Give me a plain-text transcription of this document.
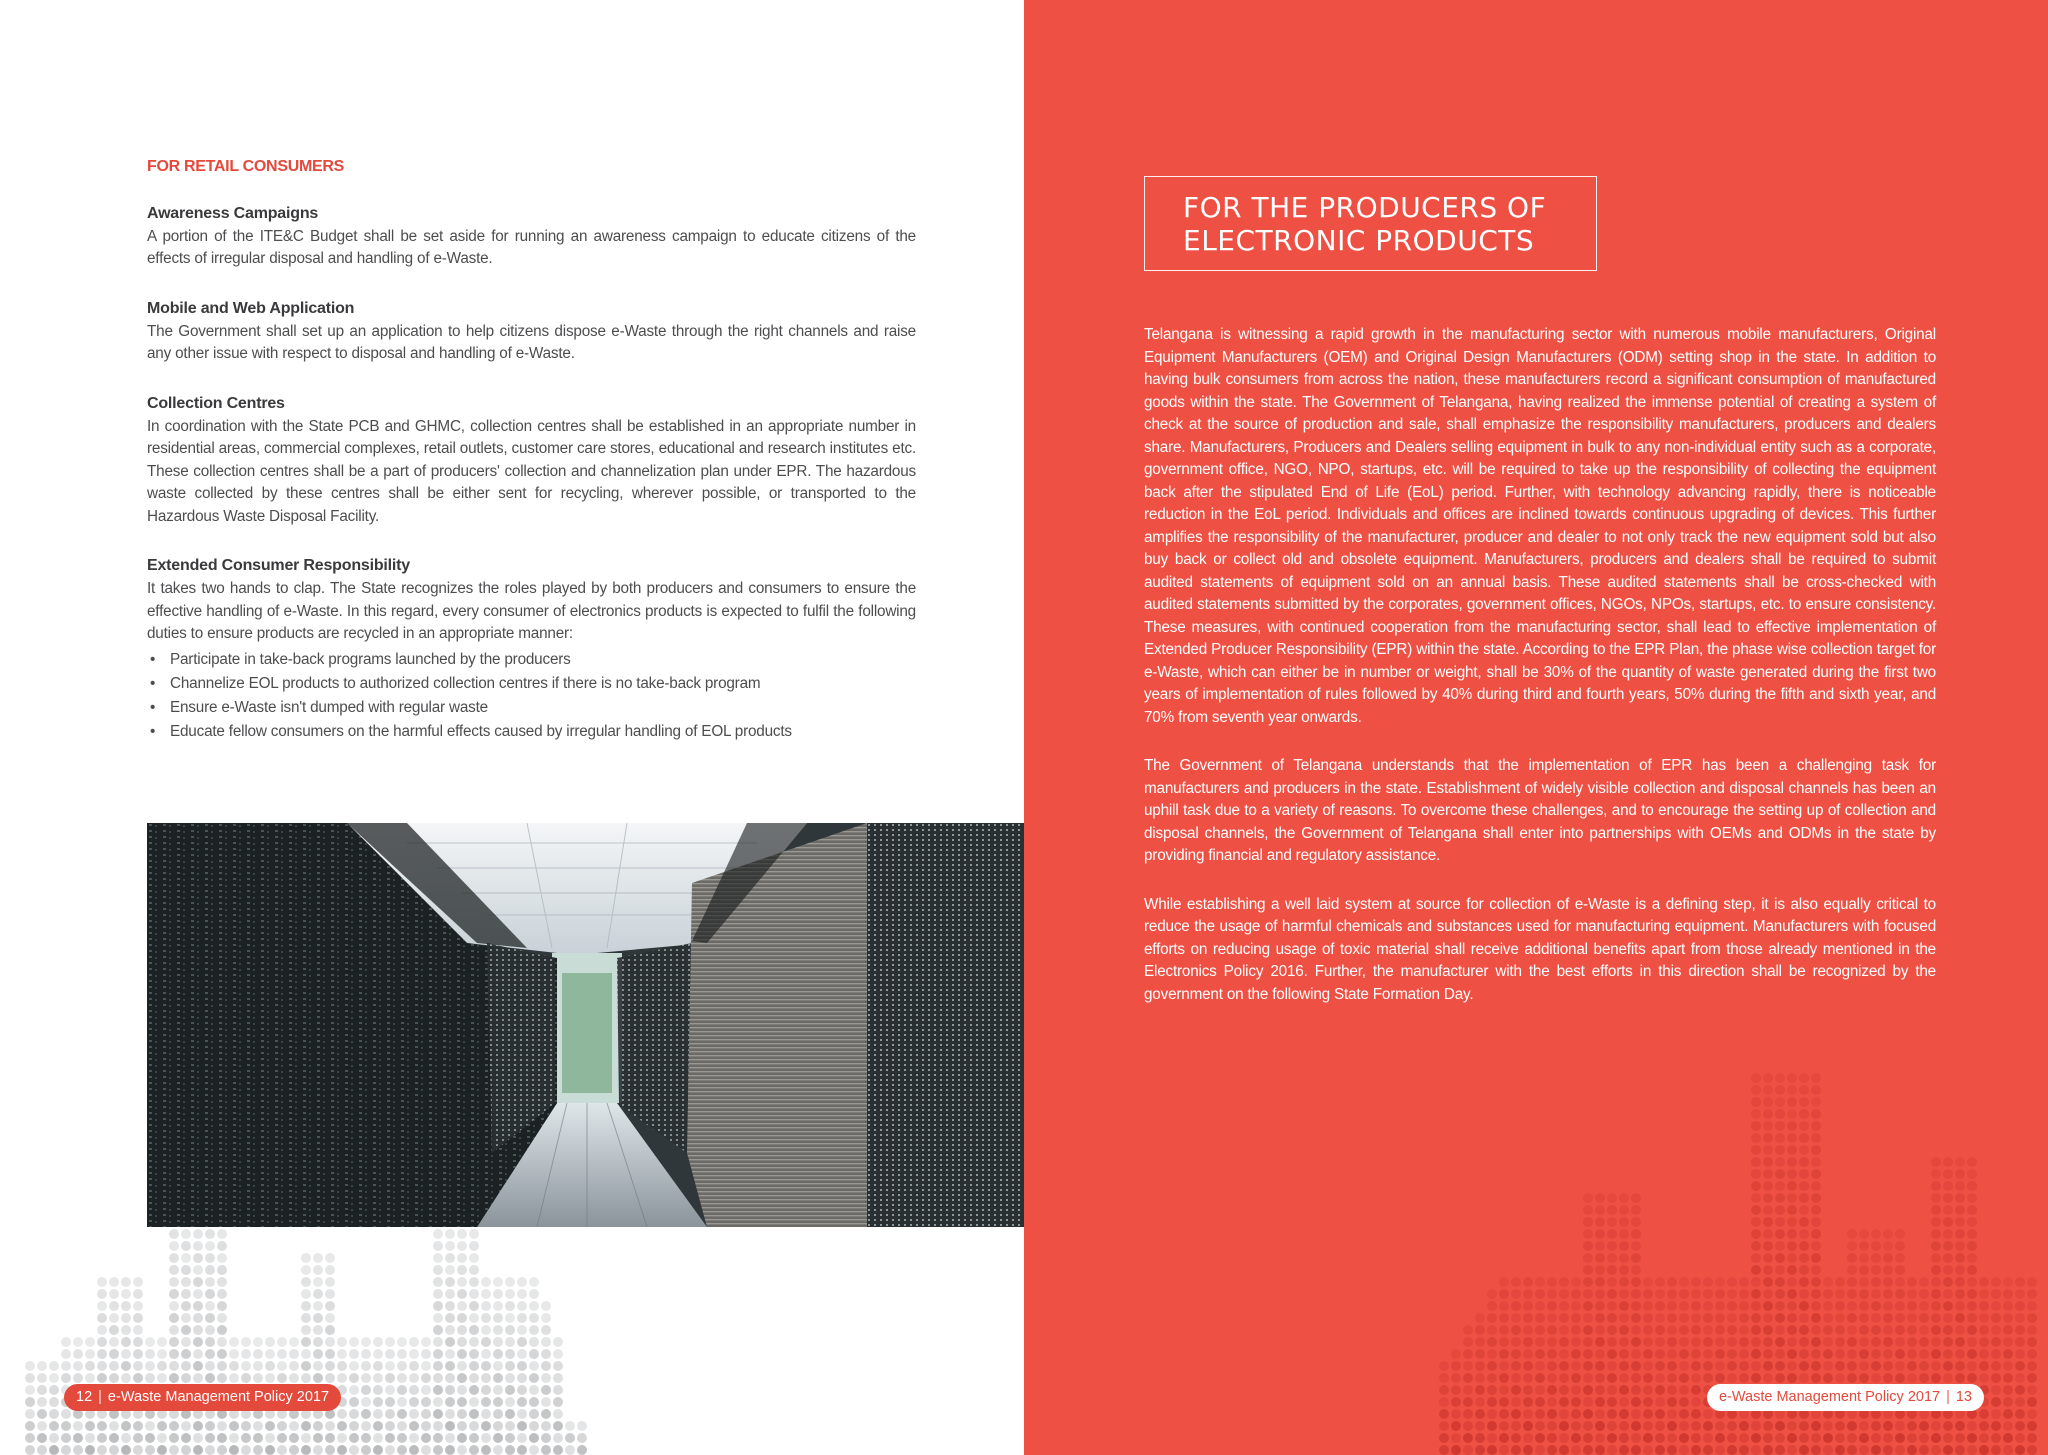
FOR RETAIL CONSUMERS
Awareness Campaigns

A portion of the ITE&C Budget shall be set aside for running an awareness campaign to educate citizens of the effects of irregular disposal and handling of e-Waste.

Mobile and Web Application

The Government shall set up an application to help citizens dispose e-Waste through the right channels and raise any other issue with respect to disposal and handling of e-Waste.

Collection Centres

In coordination with the State PCB and GHMC, collection centres shall be established in an appropriate number in residential areas, commercial complexes, retail outlets, customer care stores, educational and research institutes etc. These collection centres shall be a part of producers' collection and channelization plan under EPR. The hazardous waste collected by these centres shall be either sent for recycling, wherever possible, or transported to the Hazardous Waste Disposal Facility.

Extended Consumer Responsibility

It takes two hands to clap. The State recognizes the roles played by both producers and consumers to ensure the effective handling of e-Waste. In this regard, every consumer of electronics products is expected to fulfil the following duties to ensure products are recycled in an appropriate manner:

• Participate in take-back programs launched by the producers
• Channelize EOL products to authorized collection centres if there is no take-back program
• Ensure e-Waste isn't dumped with regular waste
• Educate fellow consumers on the harmful effects caused by irregular handling of EOL products
12 | e-Waste Management Policy 2017
FOR THE PRODUCERS OF
ELECTRONIC PRODUCTS

Telangana is witnessing a rapid growth in the manufacturing sector with numerous mobile manufacturers, Original Equipment Manufacturers (OEM) and Original Design Manufacturers (ODM) setting shop in the state. In addition to having bulk consumers from across the nation, these manufacturers record a significant consumption of manufactured goods within the state. The Government of Telangana, having realized the immense potential of creating a system of check at the source of production and sale, shall emphasize the responsibility manufacturers, producers and dealers share. Manufacturers, Producers and Dealers selling equipment in bulk to any non-individual entity such as a corporate, government office, NGO, NPO, startups, etc. will be required to take up the responsibility of collecting the equipment back after the stipulated End of Life (EoL) period. Further, with technology advancing rapidly, there is noticeable reduction in the EoL period. Individuals and offices are inclined towards continuous upgrading of devices. This further amplifies the responsibility of the manufacturer, producer and dealer to not only track the new equipment sold but also buy back or collect old and obsolete equipment. Manufacturers, producers and dealers shall be required to submit audited statements of equipment sold on an annual basis. These audited statements shall be cross-checked with audited statements submitted by the corporates, government offices, NGOs, NPOs, startups, etc. to ensure consistency. These measures, with continued cooperation from the manufacturing sector, shall lead to effective implementation of Extended Producer Responsibility (EPR) within the state. According to the EPR Plan, the phase wise collection target for e-Waste, which can either be in number or weight, shall be 30% of the quantity of waste generated during the first two years of implementation of rules followed by 40% during third and fourth years, 50% during the fifth and sixth year, and 70% from seventh year onwards.

The Government of Telangana understands that the implementation of EPR has been a challenging task for manufacturers and producers in the state. Establishment of widely visible collection and disposal channels has been an uphill task due to a variety of reasons. To overcome these challenges, and to encourage the setting up of collection and disposal channels, the Government of Telangana shall enter into partnerships with OEMs and ODMs in the state by providing financial and regulatory assistance.

While establishing a well laid system at source for collection of e-Waste is a defining step, it is also equally critical to reduce the usage of harmful chemicals and substances used for manufacturing equipment. Manufacturers with focused efforts on reducing usage of toxic material shall receive additional benefits apart from those already mentioned in the Electronics Policy 2016. Further, the manufacturer with the best efforts in this direction shall be recognized by the government on the following State Formation Day.

e-Waste Management Policy 2017 | 13
